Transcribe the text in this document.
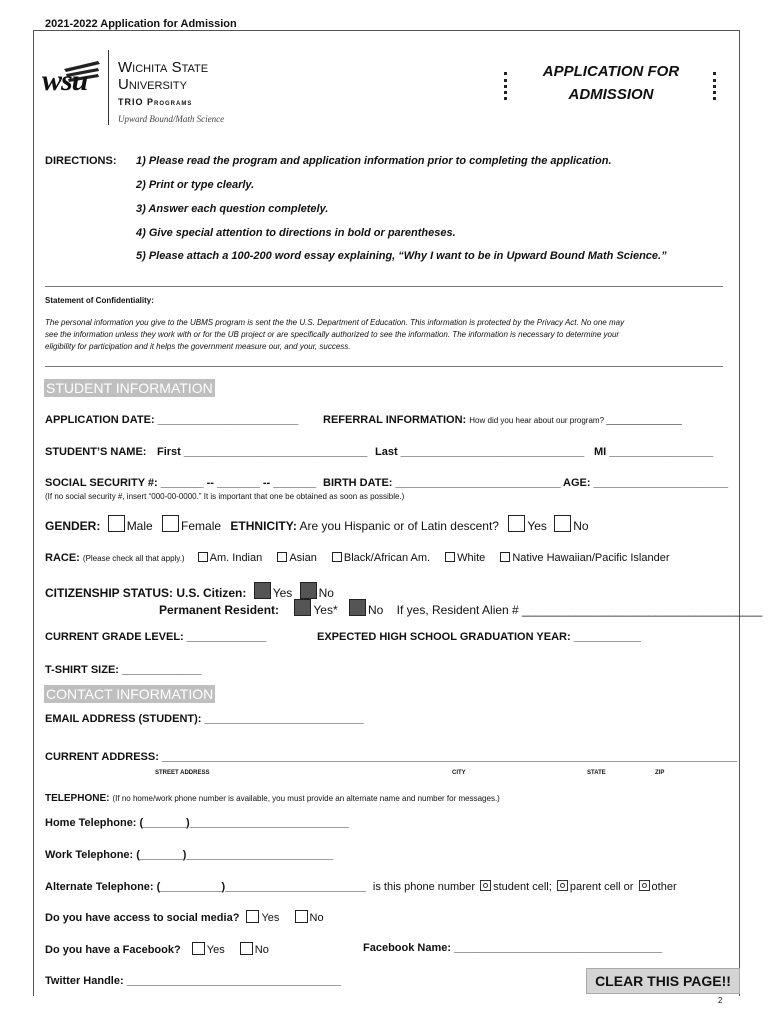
2021-2022 Application for Admission
wsu Wichita State
University
TRIO Programs
Upward Bound/Math Science
APPLICATION FOR
ADMISSION
DIRECTIONS: 1) Please read the program and application information prior to completing the application.
2) Print or type clearly.
3) Answer each question completely.
4) Give special attention to directions in bold or parentheses.
5) Please attach a 100-200 word essay explaining, “Why I want to be in Upward Bound Math Science.”
Statement of Confidentiality:
The personal information you give to the UBMS program is sent the the U.S. Department of Education. This information is protected by the Privacy Act. No one may
see the information unless they work with or for the UB project or are specifically authorized to see the information. The information is necessary to determine your
eligibility for participation and it helps the government measure our, and your, success.
STUDENT INFORMATION
APPLICATION DATE: _______________________ REFERRAL INFORMATION: How did you hear about our program? _________________
STUDENT’S NAME: First ______________________________ Last ______________________________ MI _________________
SOCIAL SECURITY #: _______ -- _______ -- _______ BIRTH DATE: ___________________________ AGE: ______________________
(If no social security #, insert “000-00-0000.” It is important that one be obtained as soon as possible.)
GENDER: Male Female ETHNICITY: Are you Hispanic or of Latin descent? Yes No
RACE: (Please check all that apply.) Am. Indian Asian Black/African Am. White Native Hawaiian/Pacific Islander
CITIZENSHIP STATUS: U.S. Citizen: Yes No
Permanent Resident:	Yes*	No If yes, Resident Alien # ____________________________________
CURRENT GRADE LEVEL: _____________	EXPECTED HIGH SCHOOL GRADUATION YEAR: ___________
T-SHIRT SIZE: _____________
CONTACT INFORMATION
EMAIL ADDRESS (STUDENT): __________________________
CURRENT ADDRESS: ______________________________________________________________________________________________
STREET ADDRESS	CITY	STATE	ZIP
TELEPHONE: (If no home/work phone number is available, you must provide an alternate name and number for messages.)
Home Telephone: (_______)__________________________
Work Telephone: (_______)________________________
Alternate Telephone: (__________)_______________________ is this phone number student cell; parent cell or other
Do you have access to social media? Yes	No
Do you have a Facebook? Yes	No	Facebook Name: __________________________________
Twitter Handle: ___________________________________	CLEAR THIS PAGE!!
2
